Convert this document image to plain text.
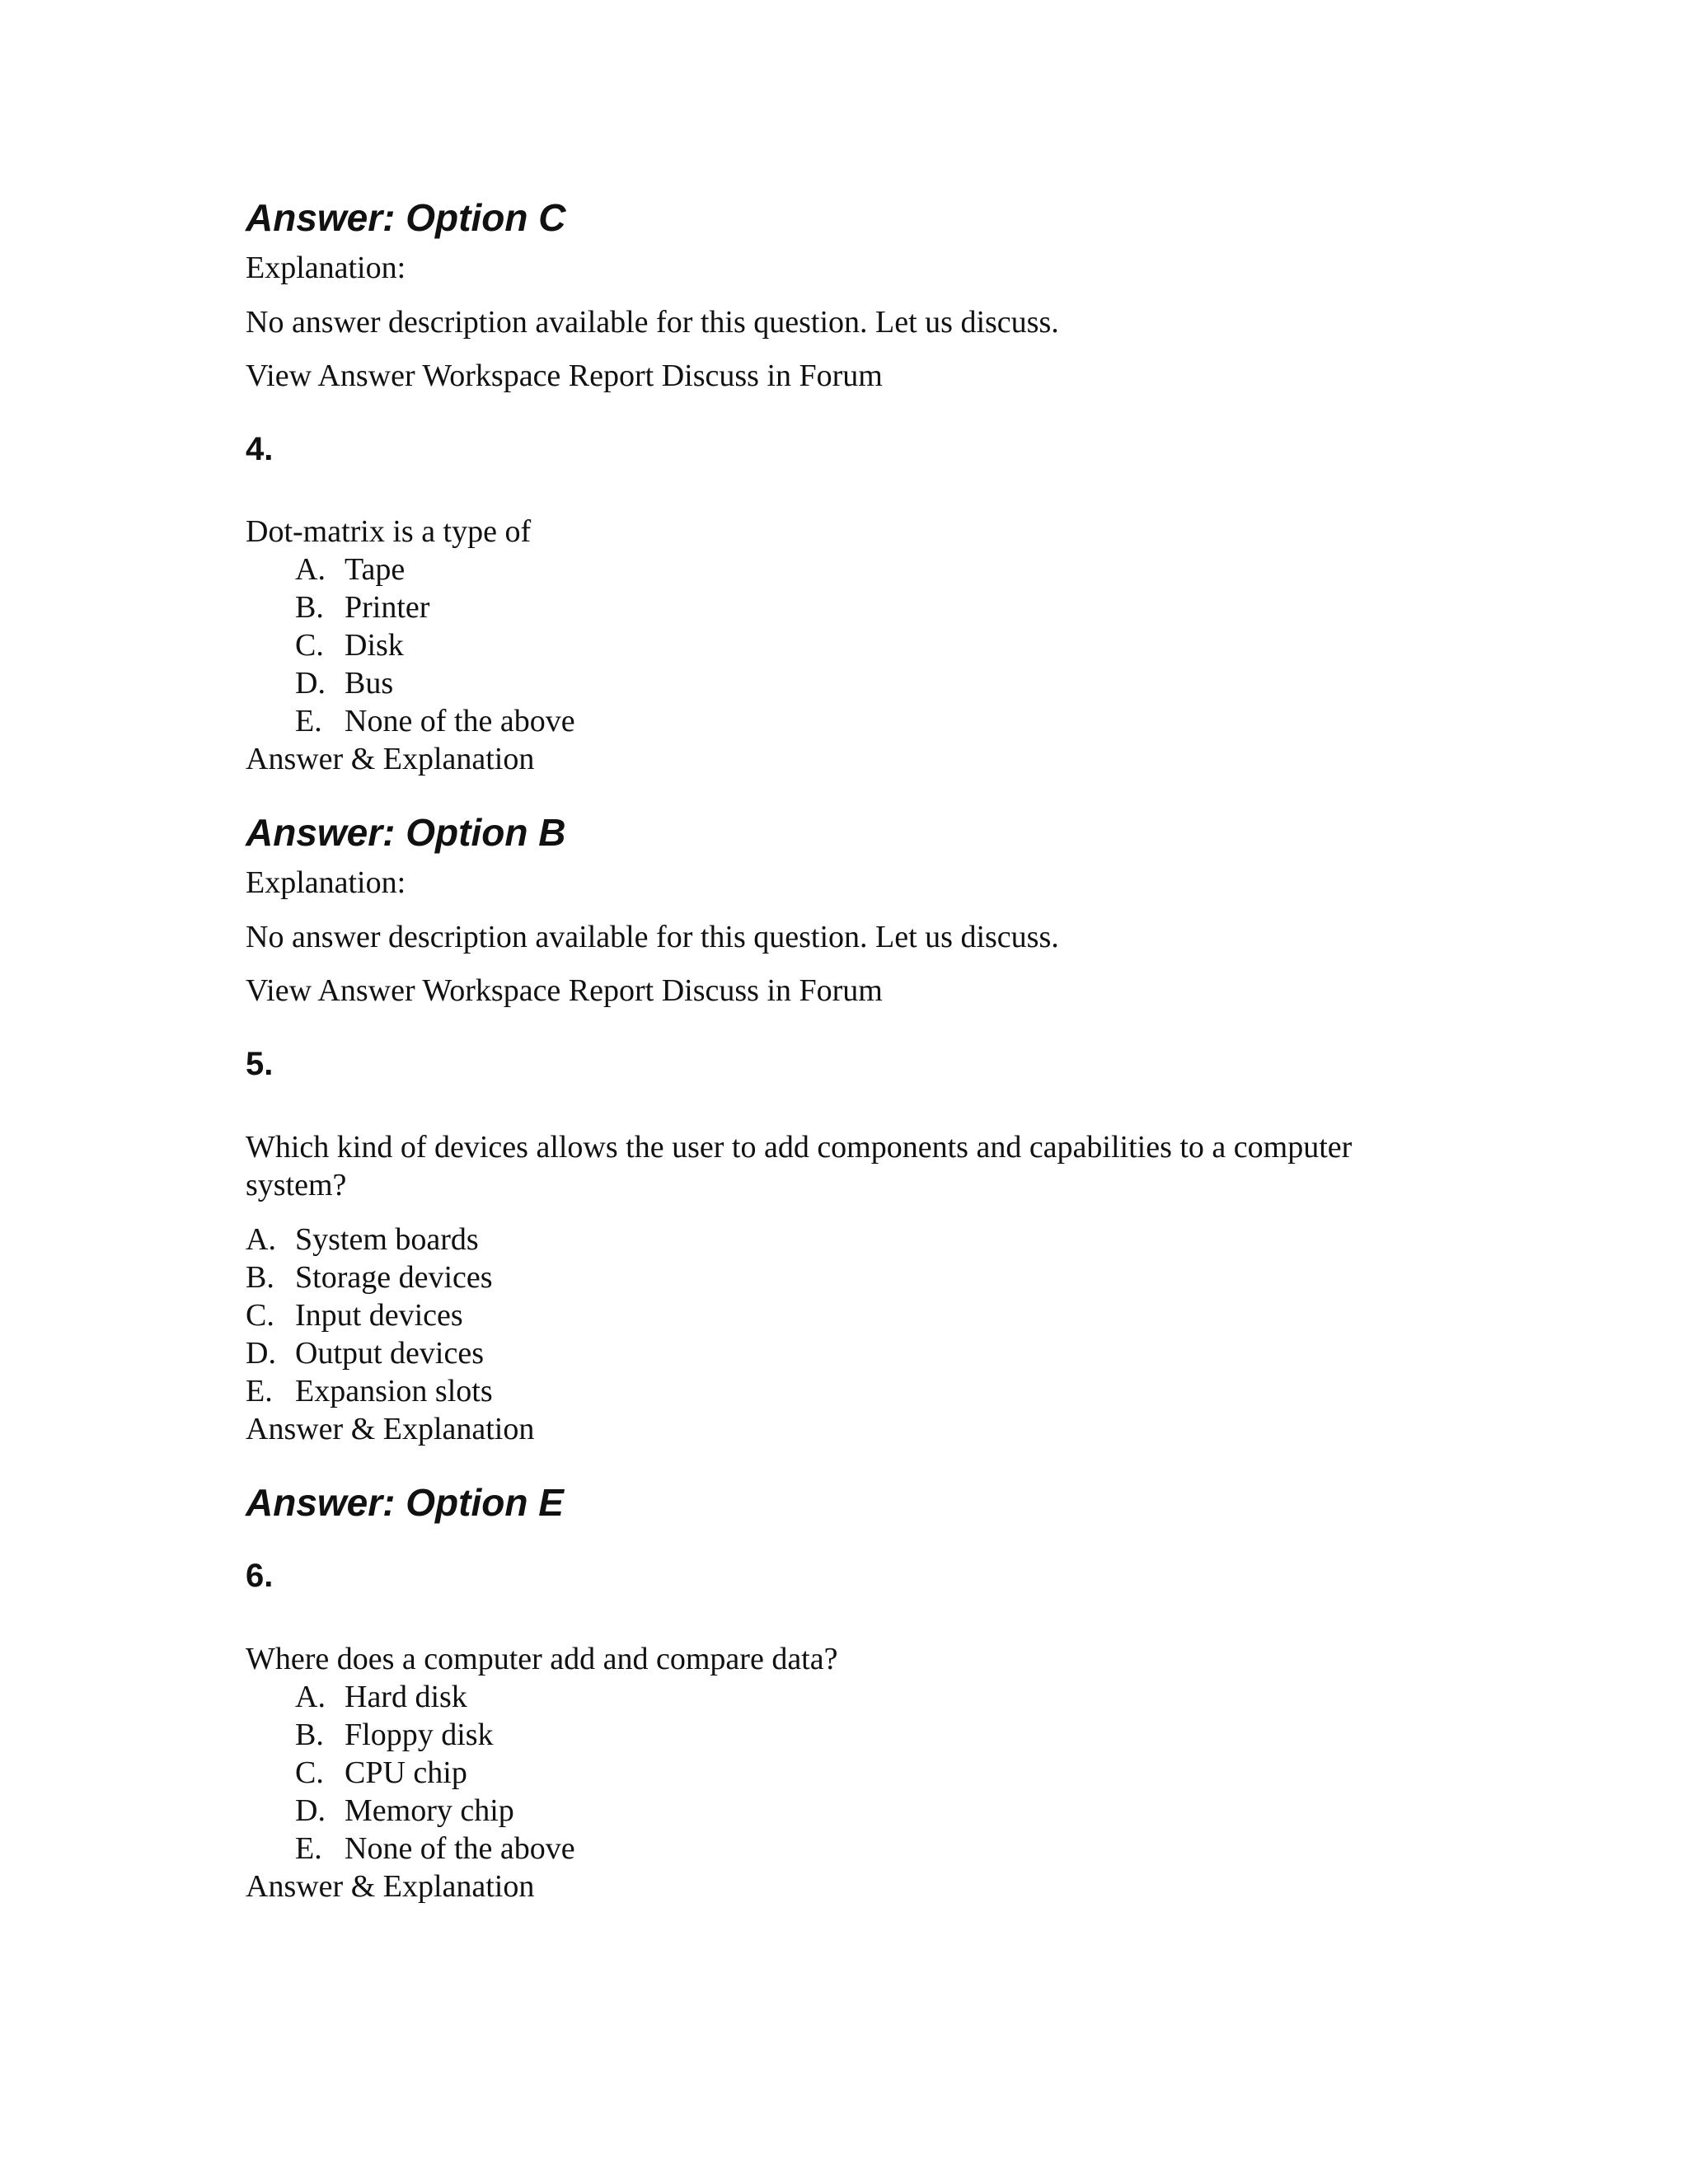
Answer: Option C
Explanation:
No answer description available for this question. Let us discuss.
View Answer Workspace Report Discuss in Forum
4.
Dot-matrix is a type of
A. Tape
B. Printer
C. Disk
D. Bus
E. None of the above
Answer & Explanation
Answer: Option B
Explanation:
No answer description available for this question. Let us discuss.
View Answer Workspace Report Discuss in Forum
5.
Which kind of devices allows the user to add components and capabilities to a computer system?
A. System boards
B. Storage devices
C. Input devices
D. Output devices
E. Expansion slots
Answer & Explanation
Answer: Option E
6.
Where does a computer add and compare data?
A. Hard disk
B. Floppy disk
C. CPU chip
D. Memory chip
E. None of the above
Answer & Explanation
